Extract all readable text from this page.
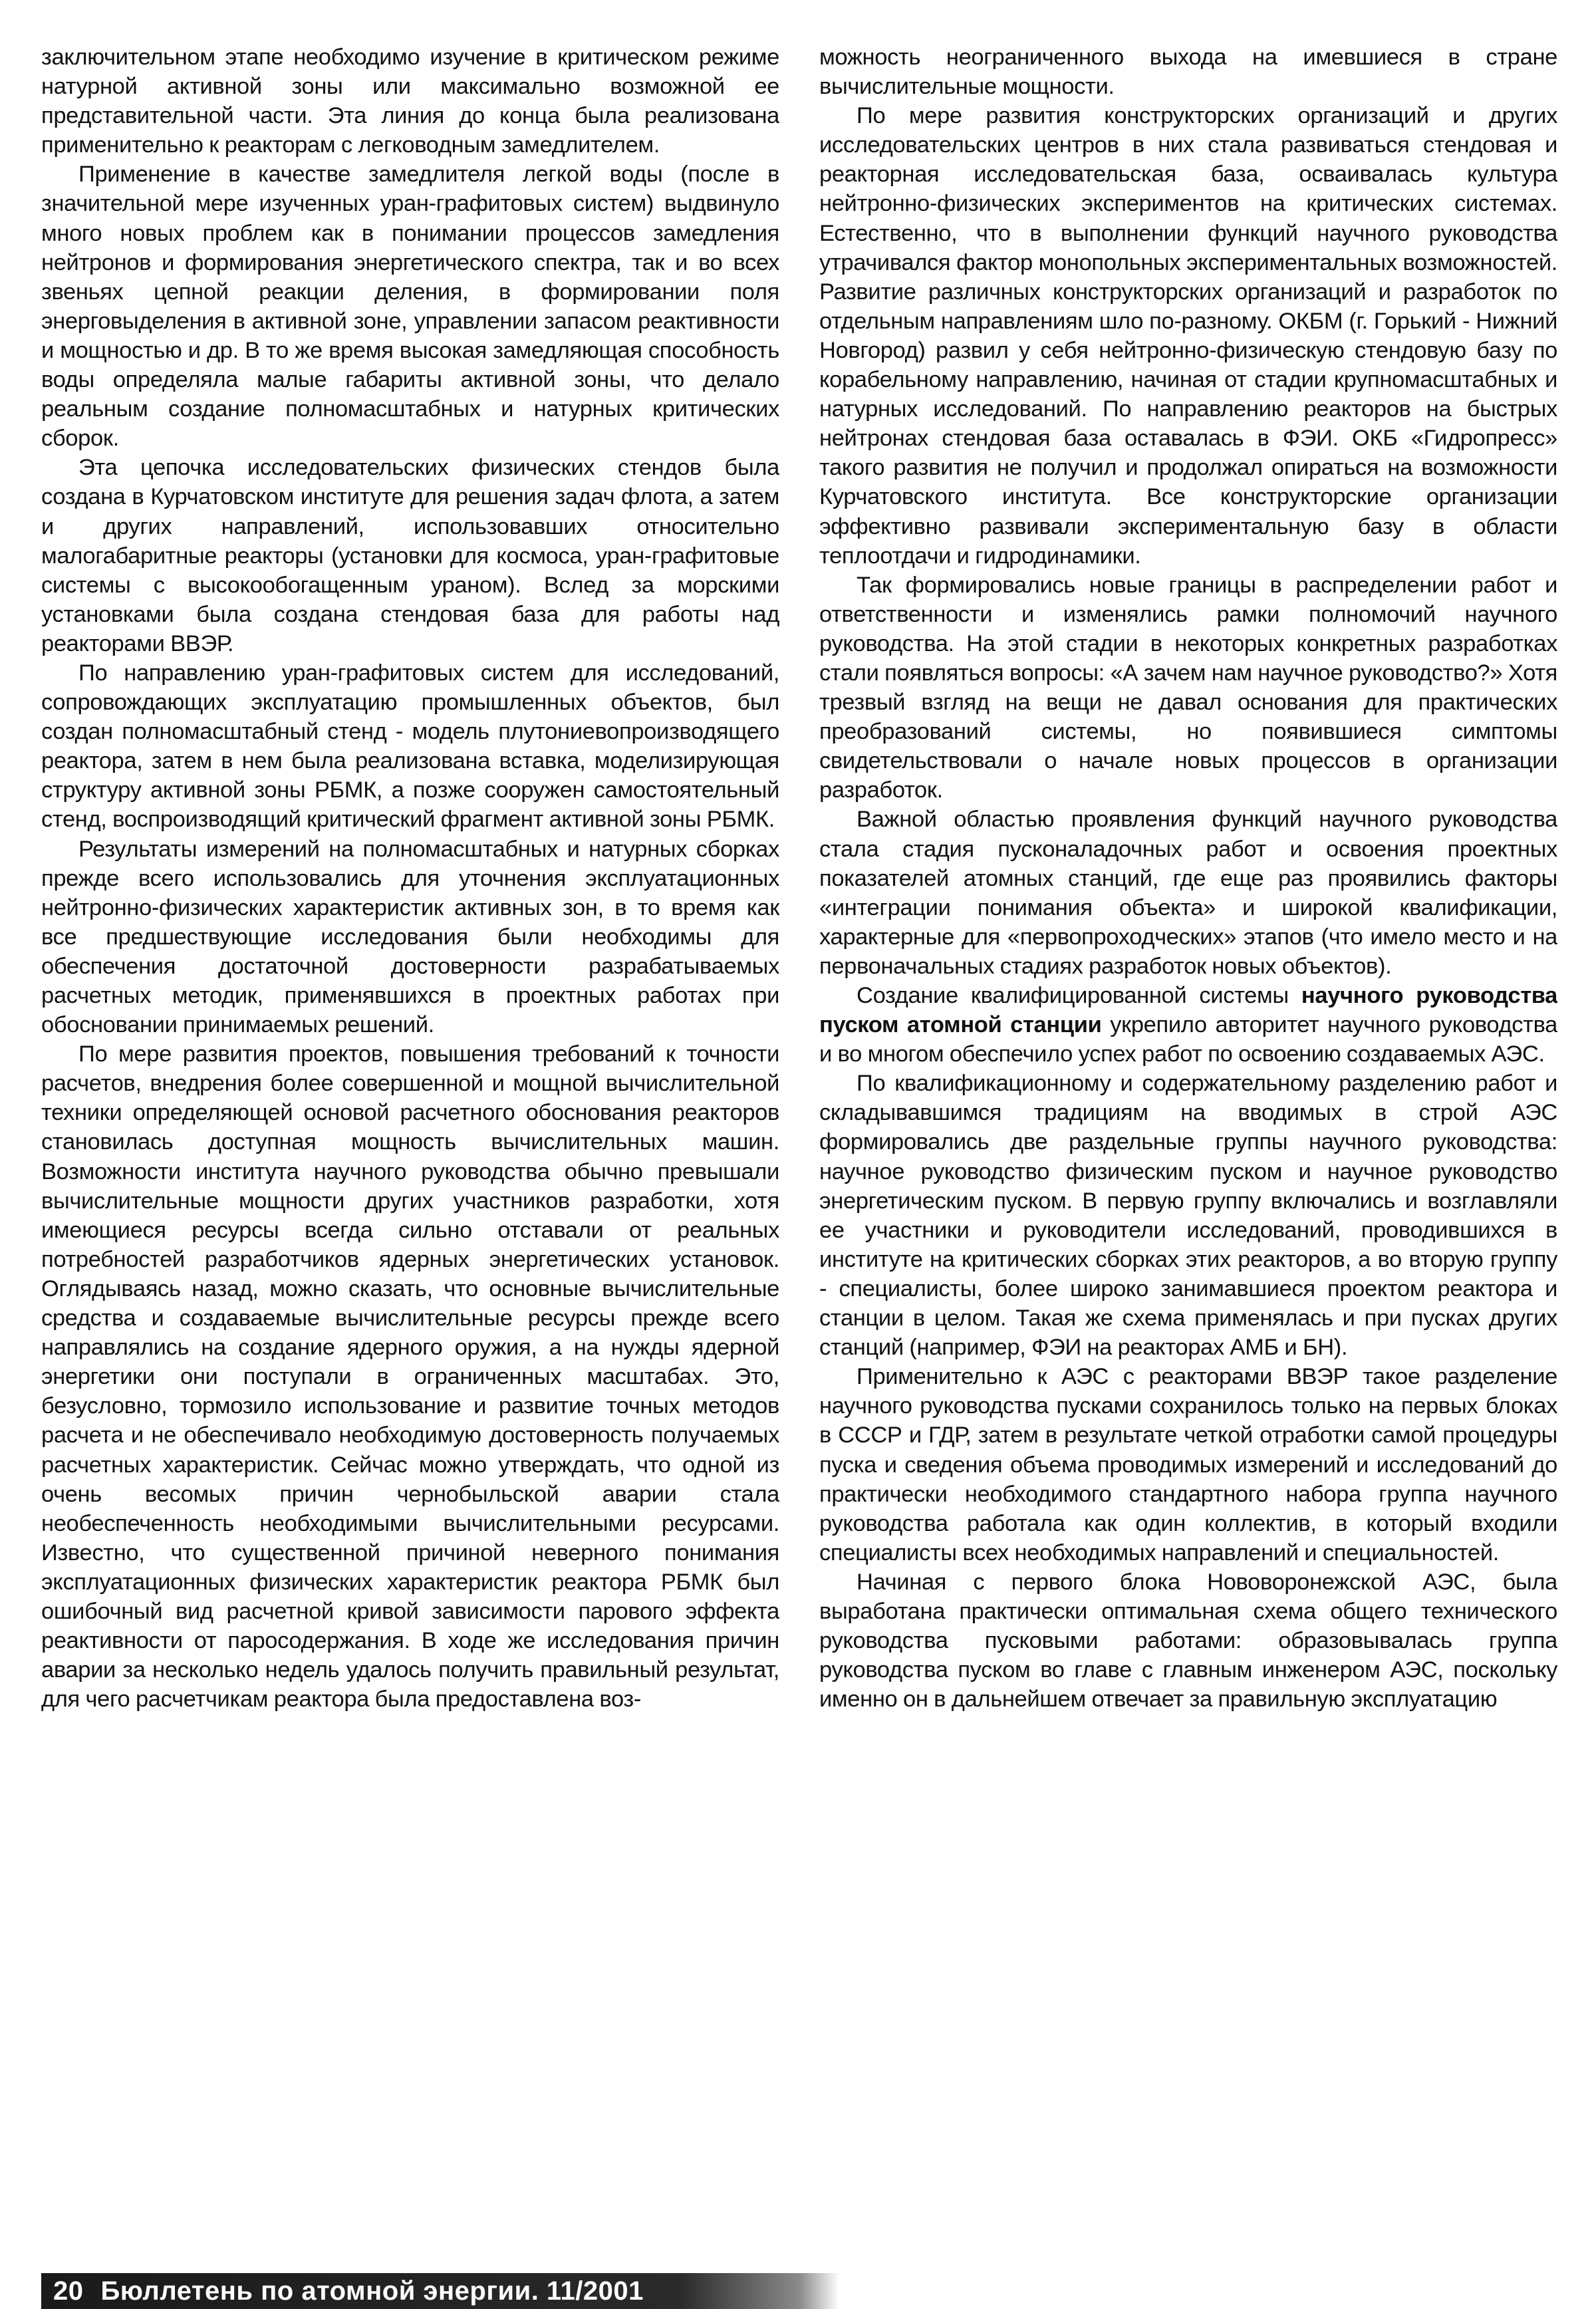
заключительном этапе необходимо изучение в критическом режиме натурной активной зоны или максимально возможной ее представительной части. Эта линия до конца была реализована применительно к реакторам с легководным замедлителем.

Применение в качестве замедлителя легкой воды (после в значительной мере изученных уран-графитовых систем) выдвинуло много новых проблем как в понимании процессов замедления нейтронов и формирования энергетического спектра, так и во всех звеньях цепной реакции деления, в формировании поля энерговыделения в активной зоне, управлении запасом реактивности и мощностью и др. В то же время высокая замедляющая способность воды определяла малые габариты активной зоны, что делало реальным создание полномасштабных и натурных критических сборок.

Эта цепочка исследовательских физических стендов была создана в Курчатовском институте для решения задач флота, а затем и других направлений, использовавших относительно малогабаритные реакторы (установки для космоса, уран-графитовые системы с высокообогащенным ураном). Вслед за морскими установками была создана стендовая база для работы над реакторами ВВЭР.

По направлению уран-графитовых систем для исследований, сопровождающих эксплуатацию промышленных объектов, был создан полномасштабный стенд - модель плутониевопроизводящего реактора, затем в нем была реализована вставка, моделизирующая структуру активной зоны РБМК, а позже сооружен самостоятельный стенд, воспроизводящий критический фрагмент активной зоны РБМК.

Результаты измерений на полномасштабных и натурных сборках прежде всего использовались для уточнения эксплуатационных нейтронно-физических характеристик активных зон, в то время как все предшествующие исследования были необходимы для обеспечения достаточной достоверности разрабатываемых расчетных методик, применявшихся в проектных работах при обосновании принимаемых решений.

По мере развития проектов, повышения требований к точности расчетов, внедрения более совершенной и мощной вычислительной техники определяющей основой расчетного обоснования реакторов становилась доступная мощность вычислительных машин. Возможности института научного руководства обычно превышали вычислительные мощности других участников разработки, хотя имеющиеся ресурсы всегда сильно отставали от реальных потребностей разработчиков ядерных энергетических установок. Оглядываясь назад, можно сказать, что основные вычислительные средства и создаваемые вычислительные ресурсы прежде всего направлялись на создание ядерного оружия, а на нужды ядерной энергетики они поступали в ограниченных масштабах. Это, безусловно, тормозило использование и развитие точных методов расчета и не обеспечивало необходимую достоверность получаемых расчетных характеристик. Сейчас можно утверждать, что одной из очень весомых причин чернобыльской аварии стала необеспеченность необходимыми вычислительными ресурсами. Известно, что существенной причиной неверного понимания эксплуатационных физических характеристик реактора РБМК был ошибочный вид расчетной кривой зависимости парового эффекта реактивности от паросодержания. В ходе же исследования причин аварии за несколько недель удалось получить правильный результат, для чего расчетчикам реактора была предоставлена воз-

можность неограниченного выхода на имевшиеся в стране вычислительные мощности.

По мере развития конструкторских организаций и других исследовательских центров в них стала развиваться стендовая и реакторная исследовательская база, осваивалась культура нейтронно-физических экспериментов на критических системах. Естественно, что в выполнении функций научного руководства утрачивался фактор монопольных экспериментальных возможностей. Развитие различных конструкторских организаций и разработок по отдельным направлениям шло по-разному. ОКБМ (г. Горький - Нижний Новгород) развил у себя нейтронно-физическую стендовую базу по корабельному направлению, начиная от стадии крупномасштабных и натурных исследований. По направлению реакторов на быстрых нейтронах стендовая база оставалась в ФЭИ. ОКБ «Гидропресс» такого развития не получил и продолжал опираться на возможности Курчатовского института. Все конструкторские организации эффективно развивали экспериментальную базу в области теплоотдачи и гидродинамики.

Так формировались новые границы в распределении работ и ответственности и изменялись рамки полномочий научного руководства. На этой стадии в некоторых конкретных разработках стали появляться вопросы: «А зачем нам научное руководство?» Хотя трезвый взгляд на вещи не давал основания для практических преобразований системы, но появившиеся симптомы свидетельствовали о начале новых процессов в организации разработок.

Важной областью проявления функций научного руководства стала стадия пусконаладочных работ и освоения проектных показателей атомных станций, где еще раз проявились факторы «интеграции понимания объекта» и широкой квалификации, характерные для «первопроходческих» этапов (что имело место и на первоначальных стадиях разработок новых объектов).

Создание квалифицированной системы научного руководства пуском атомной станции укрепило авторитет научного руководства и во многом обеспечило успех работ по освоению создаваемых АЭС.

По квалификационному и содержательному разделению работ и складывавшимся традициям на вводимых в строй АЭС формировались две раздельные группы научного руководства: научное руководство физическим пуском и научное руководство энергетическим пуском. В первую группу включались и возглавляли ее участники и руководители исследований, проводившихся в институте на критических сборках этих реакторов, а во вторую группу - специалисты, более широко занимавшиеся проектом реактора и станции в целом. Такая же схема применялась и при пусках других станций (например, ФЭИ на реакторах АМБ и БН).

Применительно к АЭС с реакторами ВВЭР такое разделение научного руководства пусками сохранилось только на первых блоках в СССР и ГДР, затем в результате четкой отработки самой процедуры пуска и сведения объема проводимых измерений и исследований до практически необходимого стандартного набора группа научного руководства работала как один коллектив, в который входили специалисты всех необходимых направлений и специальностей.

Начиная с первого блока Нововоронежской АЭС, была выработана практически оптимальная схема общего технического руководства пусковыми работами: образовывалась группа руководства пуском во главе с главным инженером АЭС, поскольку именно он в дальнейшем отвечает за правильную эксплуатацию

20 Бюллетень по атомной энергии. 11/2001
